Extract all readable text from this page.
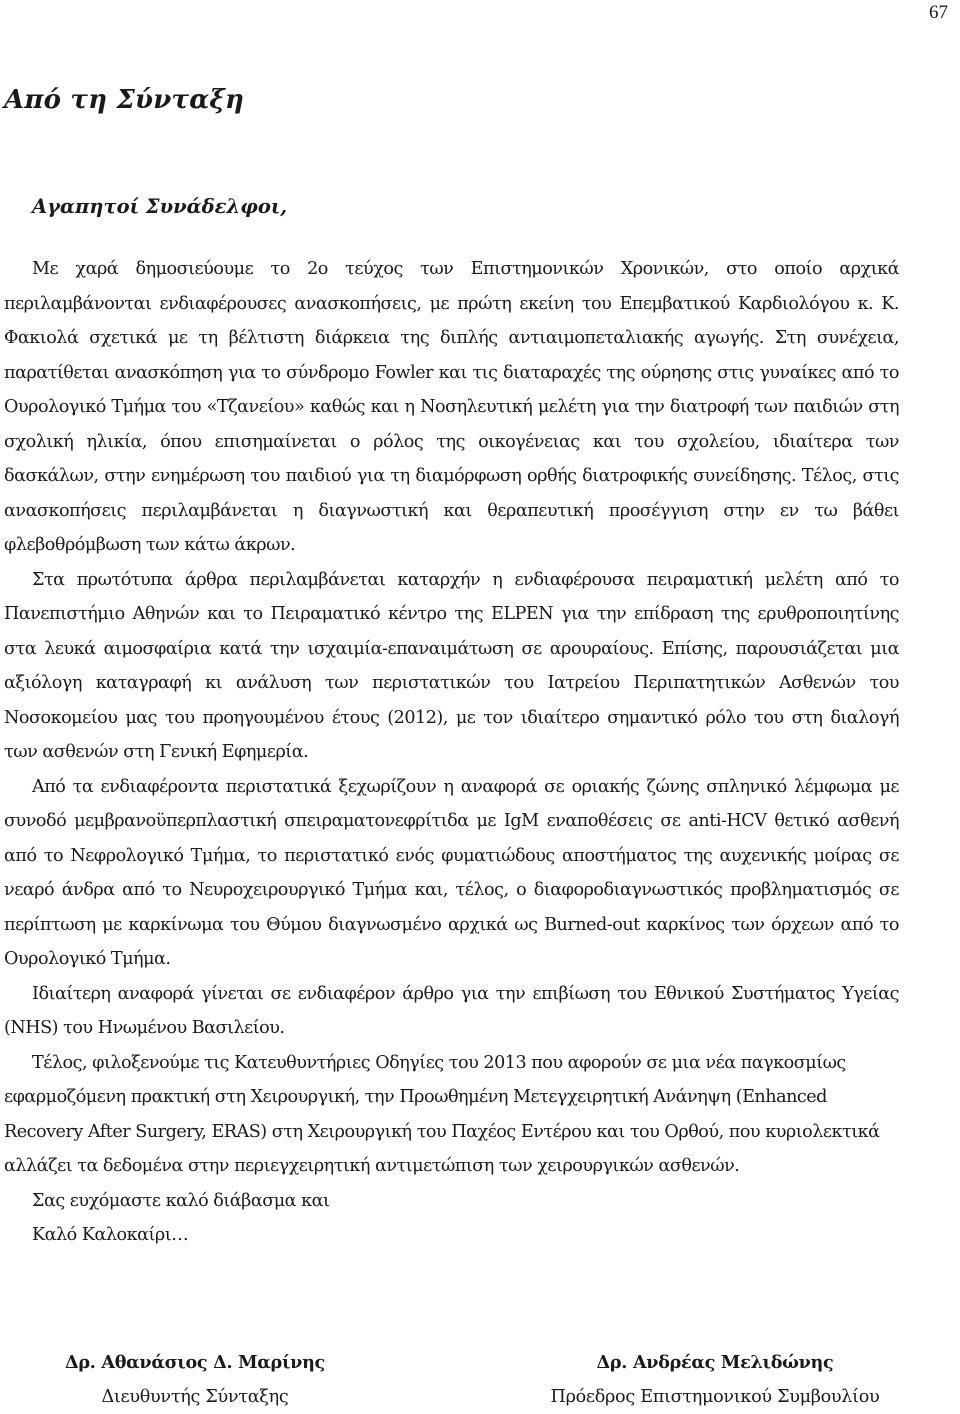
67
Από τη Σύνταξη
Αγαπητοί Συνάδελφοι,

Με χαρά δημοσιεύουμε το 2ο τεύχος των Επιστημονικών Χρονικών, στο οποίο αρχικά περιλαμβάνονται ενδιαφέρουσες ανασκοπήσεις, με πρώτη εκείνη του Επεμβατικού Καρδιολόγου κ. Κ. Φακιολά σχετικά με τη βέλτιστη διάρκεια της διπλής αντιαιμοπεταλιακής αγωγής. Στη συνέχεια, παρατίθεται ανασκόπηση για το σύνδρομο Fowler και τις διαταραχές της ούρησης στις γυναίκες από το Ουρολογικό Τμήμα του «Τζανείου» καθώς και η Νοσηλευτική μελέτη για την διατροφή των παιδιών στη σχολική ηλικία, όπου επισημαίνεται ο ρόλος της οικογένειας και του σχολείου, ιδιαίτερα των δασκάλων, στην ενημέρωση του παιδιού για τη διαμόρφωση ορθής διατροφικής συνείδησης. Τέλος, στις ανασκοπήσεις περιλαμβάνεται η διαγνωστική και θεραπευτική προσέγγιση στην εν τω βάθει φλεβοθρόμβωση των κάτω άκρων.

Στα πρωτότυπα άρθρα περιλαμβάνεται καταρχήν η ενδιαφέρουσα πειραματική μελέτη από το Πανεπιστήμιο Αθηνών και το Πειραματικό κέντρο της ELPEN για την επίδραση της ερυθροποιητίνης στα λευκά αιμοσφαίρια κατά την ισχαιμία-επαναιμάτωση σε αρουραίους. Επίσης, παρουσιάζεται μια αξιόλογη καταγραφή κι ανάλυση των περιστατικών του Ιατρείου Περιπατητικών Ασθενών του Νοσοκομείου μας του προηγουμένου έτους (2012), με τον ιδιαίτερο σημαντικό ρόλο του στη διαλογή των ασθενών στη Γενική Εφημερία.

Από τα ενδιαφέροντα περιστατικά ξεχωρίζουν η αναφορά σε οριακής ζώνης σπληνικό λέμφωμα με συνοδό μεμβρανοϋπερπλαστική σπειραματονεφρίτιδα με IgM εναποθέσεις σε anti-HCV θετικό ασθενή από το Νεφρολογικό Τμήμα, το περιστατικό ενός φυματιώδους αποστήματος της αυχενικής μοίρας σε νεαρό άνδρα από το Νευροχειρουργικό Τμήμα και, τέλος, ο διαφοροδιαγνωστικός προβληματισμός σε περίπτωση με καρκίνωμα του Θύμου διαγνωσμένο αρχικά ως Burned-out καρκίνος των όρχεων από το Ουρολογικό Τμήμα.

Ιδιαίτερη αναφορά γίνεται σε ενδιαφέρον άρθρο για την επιβίωση του Εθνικού Συστήματος Υγείας (NHS) του Ηνωμένου Βασιλείου.

Τέλος, φιλοξενούμε τις Κατευθυντήριες Οδηγίες του 2013 που αφορούν σε μια νέα παγκοσμίως εφαρμοζόμενη πρακτική στη Χειρουργική, την Προωθημένη Μετεγχειρητική Ανάνηψη (Enhanced Recovery After Surgery, ERAS) στη Χειρουργική του Παχέος Εντέρου και του Ορθού, που κυριολεκτικά αλλάζει τα δεδομένα στην περιεγχειρητική αντιμετώπιση των χειρουργικών ασθενών.

Σας ευχόμαστε καλό διάβασμα και
Καλό Καλοκαίρι…
Δρ. Αθανάσιος Δ. Μαρίνης
Διευθυντής Σύνταξης
Δρ. Ανδρέας Μελιδώνης
Πρόεδρος Επιστημονικού Συμβουλίου
